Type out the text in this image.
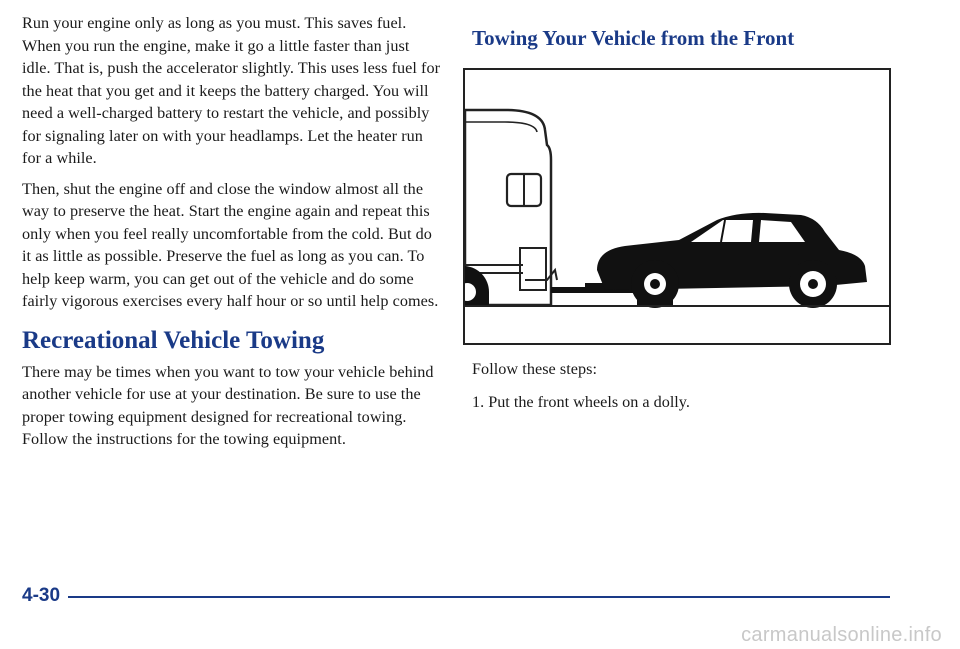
Run your engine only as long as you must. This saves fuel. When you run the engine, make it go a little faster than just idle. That is, push the accelerator slightly. This uses less fuel for the heat that you get and it keeps the battery charged. You will need a well-charged battery to restart the vehicle, and possibly for signaling later on with your headlamps. Let the heater run for a while.

Then, shut the engine off and close the window almost all the way to preserve the heat. Start the engine again and repeat this only when you feel really uncomfortable from the cold. But do it as little as possible. Preserve the fuel as long as you can. To help keep warm, you can get out of the vehicle and do some fairly vigorous exercises every half hour or so until help comes.

Recreational Vehicle Towing

There may be times when you want to tow your vehicle behind another vehicle for use at your destination. Be sure to use the proper towing equipment designed for recreational towing. Follow the instructions for the towing equipment.

Towing Your Vehicle from the Front

Follow these steps:

1. Put the front wheels on a dolly.
4-30
carmanualsonline.info
